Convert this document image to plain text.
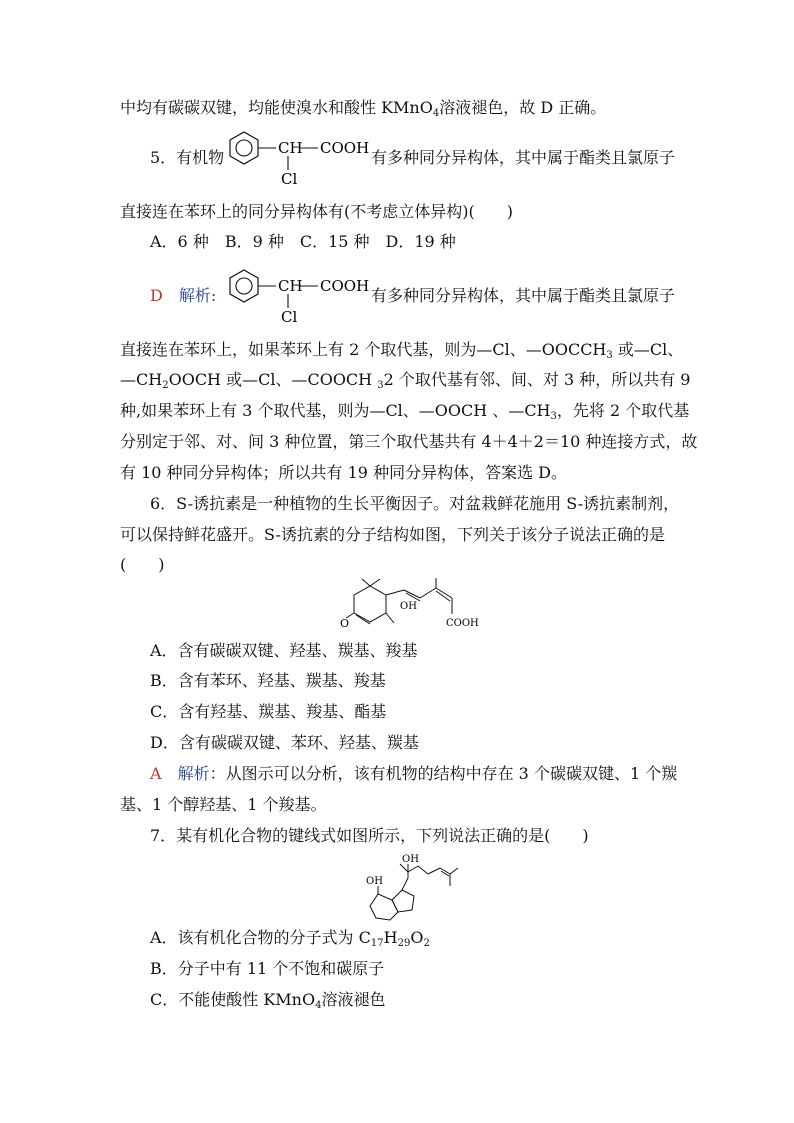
中均有碳碳双键，均能使溴水和酸性 KMnO$_4$溶液褪色，故 D 正确。
5．有机物	CH COOH
Cl
有多种同分异构体，其中属于酯类且氯原子
直接连在苯环上的同分异构体有(不考虑立体异构)(　　)
A．6 种　B．9 种　C．15 种　D．19 种
D　 解析:	CH COOH
Cl
有多种同分异构体，其中属于酯类且氯原子
直接连在苯环上，如果苯环上有 2 个取代基，则为—Cl、$—OOCCH_3$ 或—Cl、
$—CH_2OOCH$ 或—Cl、—COOCH $_3$2 个取代基有邻、间、对 3 种，所以共有 9
种,如果苯环上有 3 个取代基，则为—Cl、—OOCH 、$—CH_3$，先将 2 个取代基
分别定于邻、对、间 3 种位置，第三个取代基共有 4＋4＋2＝10 种连接方式，故
有 10 种同分异构体；所以共有 19 种同分异构体，答案选 D。
6．S-诱抗素是一种植物的生长平衡因子。对盆栽鲜花施用 S-诱抗素制剂，
可以保持鲜花盛开。S-诱抗素的分子结构如图，下列关于该分子说法正确的是
(　　)
O
OH
COOH
A．含有碳碳双键、羟基、羰基、羧基
B．含有苯环、羟基、羰基、羧基
C．含有羟基、羰基、羧基、酯基
D．含有碳碳双键、苯环、羟基、羰基
A　 解析：从图示可以分析，该有机物的结构中存在 3 个碳碳双键、1 个羰
基、1 个醇羟基、1 个羧基。
7．某有机化合物的键线式如图所示，下列说法正确的是(　　)
OH
OH
A．该有机化合物的分子式为 $C_{17}H_{29}O_2$
B．分子中有 11 个不饱和碳原子
C．不能使酸性 KMnO$_4$溶液褪色
